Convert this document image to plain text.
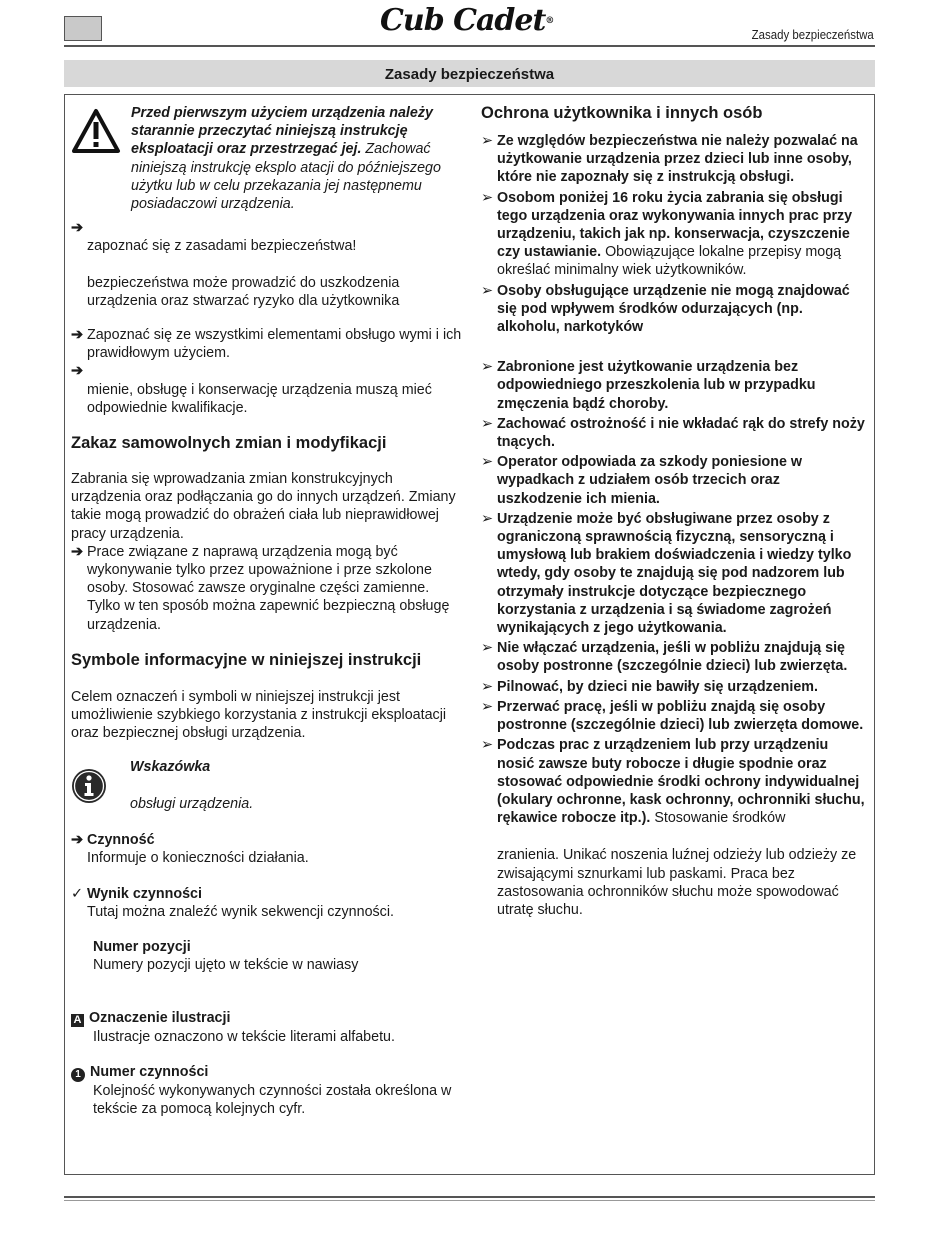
Cub Cadet®
Zasady bezpieczeństwa
Zasady bezpieczeństwa

Przed pierwszym użyciem urządzenia należy starannie przeczytać niniejszą instrukcję eksploatacji oraz przestrzegać jej. Zachować niniejszą instrukcję eksplo atacji do późniejszego użytku lub w celu przekazania jej następnemu posiadaczowi urządzenia.

➔

zapoznać się z zasadami bezpieczeństwa!

bezpieczeństwa może prowadzić do uszkodzenia urządzenia oraz stwarzać ryzyko dla użytkownika

➔ Zapoznać się ze wszystkimi elementami obsługo wymi i ich prawidłowym użyciem.

➔

mienie, obsługę i konserwację urządzenia muszą mieć odpowiednie kwalifikacje.

Zakaz samowolnych zmian i modyfikacji

Zabrania się wprowadzania zmian konstrukcyjnych urządzenia oraz podłączania go do innych urządzeń. Zmiany takie mogą prowadzić do obrażeń ciała lub nieprawidłowej pracy urządzenia.

➔ Prace związane z naprawą urządzenia mogą być wykonywanie tylko przez upoważnione i prze szkolone osoby. Stosować zawsze oryginalne części zamienne. Tylko w ten sposób można zapewnić bezpieczną obsługę urządzenia.

Symbole informacyjne w niniejszej instrukcji

Celem oznaczeń i symboli w niniejszej instrukcji jest umożliwienie szybkiego korzystania z instrukcji eksploatacji oraz bezpiecznej obsługi urządzenia.

Wskazówka

obsługi urządzenia.

➔ Czynność

Informuje o konieczności działania.

✓ Wynik czynności

Tutaj można znaleźć wynik sekwencji czynności.

Numer pozycji

Numery pozycji ujęto w tekście w nawiasy

A Oznaczenie ilustracji

Ilustracje oznaczono w tekście literami alfabetu.

1 Numer czynności

Kolejność wykonywanych czynności została określona w tekście za pomocą kolejnych cyfr.

Ochrona użytkownika i innych osób
➢ Ze względów bezpieczeństwa nie należy pozwalać na użytkowanie urządzenia przez dzieci lub inne osoby, które nie zapoznały się z instrukcją obsługi.

➢ Osobom poniżej 16 roku życia zabrania się obsługi tego urządzenia oraz wykonywania innych prac przy urządzeniu, takich jak np. konserwacja, czyszczenie czy ustawianie. Obowiązujące lokalne przepisy mogą określać minimalny wiek użytkowników.

➢ Osoby obsługujące urządzenie nie mogą znajdować się pod wpływem środków odurzających (np. alkoholu, narkotyków

➢ Zabronione jest użytkowanie urządzenia bez odpowiedniego przeszkolenia lub w przypadku zmęczenia bądź choroby.

➢ Zachować ostrożność i nie wkładać rąk do strefy noży tnących.

➢ Operator odpowiada za szkody poniesione w wypadkach z udziałem osób trzecich oraz uszkodzenie ich mienia.

➢ Urządzenie może być obsługiwane przez osoby z ograniczoną sprawnością fizyczną, sensoryczną i umysłową lub brakiem doświadczenia i wiedzy tylko wtedy, gdy osoby te znajdują się pod nadzorem lub otrzymały instrukcje dotyczące bezpiecznego korzystania z urządzenia i są świadome zagrożeń wynikających z jego użytkowania.

➢ Nie włączać urządzenia, jeśli w pobliżu znajdują się osoby postronne (szczególnie dzieci) lub zwierzęta.

➢ Pilnować, by dzieci nie bawiły się urządzeniem.

➢ Przerwać pracę, jeśli w pobliżu znajdą się osoby postronne (szczególnie dzieci) lub zwierzęta domowe.

➢ Podczas prac z urządzeniem lub przy urządzeniu nosić zawsze buty robocze i długie spodnie oraz stosować odpowiednie środki ochrony indywidualnej (okulary ochronne, kask ochronny, ochronniki słuchu, rękawice robocze itp.). Stosowanie środków

zranienia. Unikać noszenia luźnej odzieży lub odzieży ze zwisającymi sznurkami lub paskami. Praca bez zastosowania ochronników słuchu może spowodować utratę słuchu.
